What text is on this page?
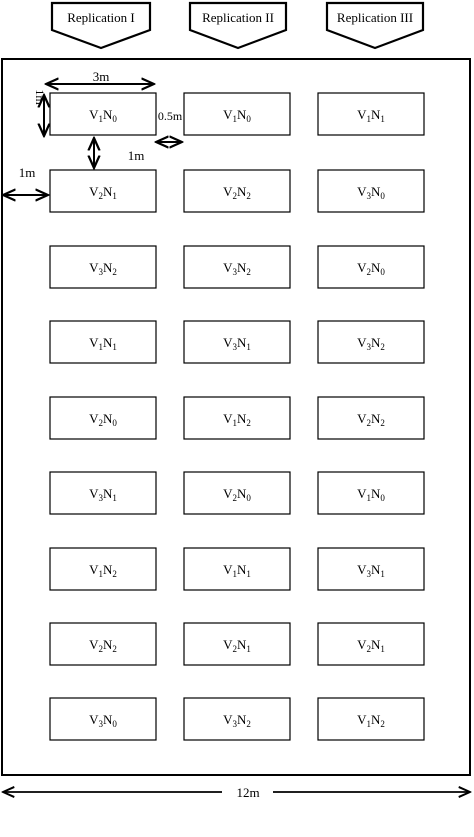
Replication I	Replication II	Replication III
$V_1N_0$	$V_1N_0$	$V_1N_1$
$V_2N_1$	$V_2N_2$	$V_3N_0$
$V_3N_2$	$V_3N_2$	$V_2N_0$
$V_1N_1$	$V_3N_1$	$V_3N_2$
$V_2N_0$	$V_1N_2$	$V_2N_2$
$V_3N_1$	$V_2N_0$	$V_1N_0$
$V_1N_2$	$V_1N_1$	$V_3N_1$
$V_2N_2$	$V_2N_1$	$V_2N_1$
$V_3N_0$	$V_3N_2$	$V_1N_2$
3m
1m
1m
0.5m
1m
12m
